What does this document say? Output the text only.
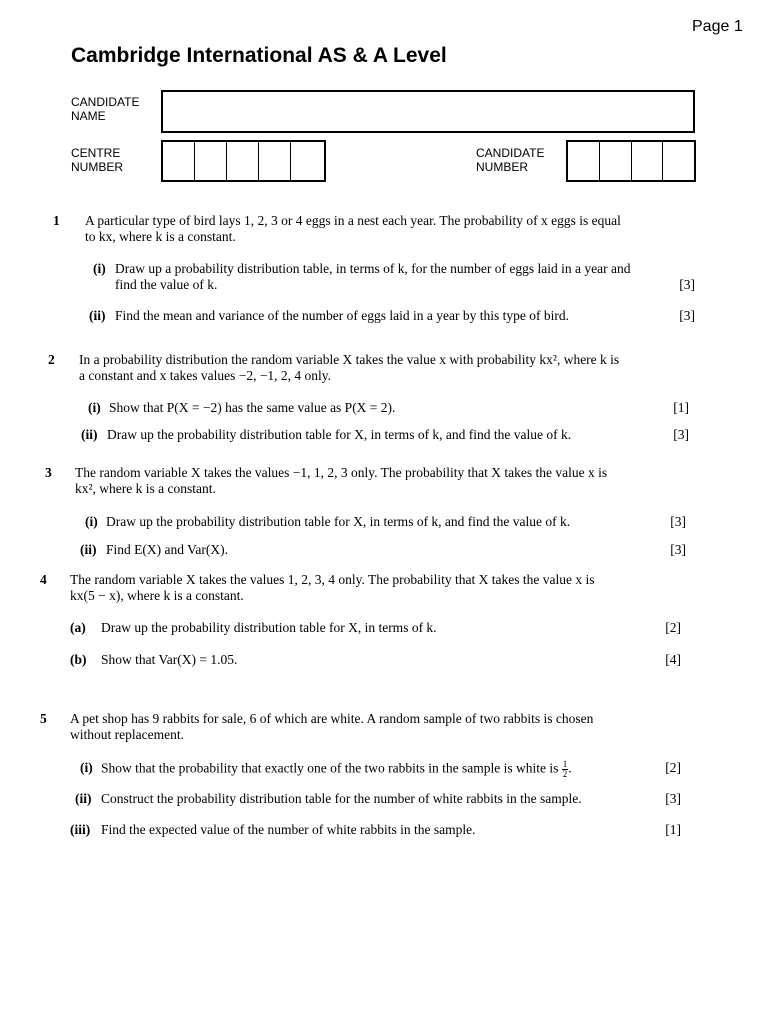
Page 1
Cambridge International AS & A Level
CANDIDATE
NAME
CENTRE
NUMBER
CANDIDATE
NUMBER
1 A particular type of bird lays 1, 2, 3 or 4 eggs in a nest each year. The probability of x eggs is equal
to kx, where k is a constant.
(i) Draw up a probability distribution table, in terms of k, for the number of eggs laid in a year and
find the value of k.	[3]
(ii) Find the mean and variance of the number of eggs laid in a year by this type of bird.	[3]
2 In a probability distribution the random variable X takes the value x with probability kx², where k is
a constant and x takes values −2, −1, 2, 4 only.
(i) Show that P(X = −2) has the same value as P(X = 2).	[1]
(ii) Draw up the probability distribution table for X, in terms of k, and find the value of k.	[3]
3 The random variable X takes the values −1, 1, 2, 3 only. The probability that X takes the value x is
kx², where k is a constant.
(i) Draw up the probability distribution table for X, in terms of k, and find the value of k.	[3]
(ii) Find E(X) and Var(X).	[3]
4 The random variable X takes the values 1, 2, 3, 4 only. The probability that X takes the value x is
kx(5 − x), where k is a constant.
(a) Draw up the probability distribution table for X, in terms of k.	[2]
(b) Show that Var(X) = 1.05.	[4]
5 A pet shop has 9 rabbits for sale, 6 of which are white. A random sample of two rabbits is chosen
without replacement.
(i) Show that the probability that exactly one of the two rabbits in the sample is white is $\frac{1}{2}$.	[2]
(ii) Construct the probability distribution table for the number of white rabbits in the sample.	[3]
(iii) Find the expected value of the number of white rabbits in the sample.	[1]
